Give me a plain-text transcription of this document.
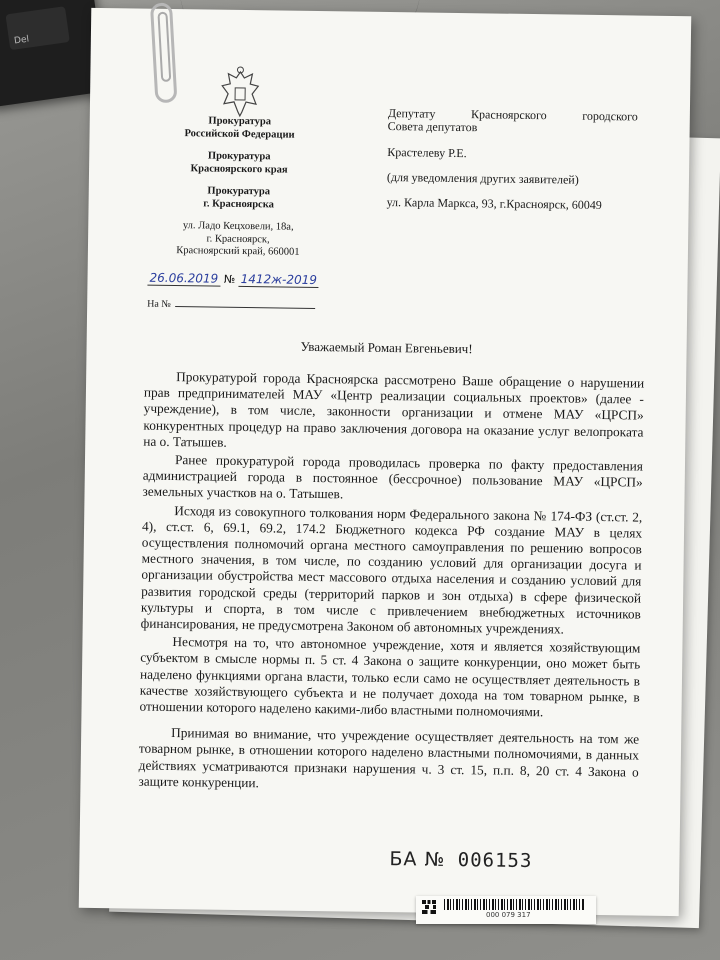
Del
Прокуратура
Российской Федерации
Прокуратура
Красноярского края
Прокуратура
г. Красноярска
ул. Ладо Кецховели, 18а,
г. Красноярск,
Красноярский край, 660001
26.06.2019 № 1412ж-2019
На №

Депутату Красноярского городского

Совета депутатов

Крастелеву Р.Е.

(для уведомления других заявителей)

ул. Карла Маркса, 93, г.Красноярск, 60049

Уважаемый Роман Евгеньевич!

Прокуратурой города Красноярска рассмотрено Ваше обращение о нарушении прав предпринимателей МАУ «Центр реализации социальных проектов» (далее - учреждение), в том числе, законности организации и отмене МАУ «ЦРСП» конкурентных процедур на право заключения договора на оказание услуг велопроката на о. Татышев.

Ранее прокуратурой города проводилась проверка по факту предоставления администрацией города в постоянное (бессрочное) пользование МАУ «ЦРСП» земельных участков на о. Татышев.

Исходя из совокупного толкования норм Федерального закона № 174-ФЗ (ст.ст. 2, 4), ст.ст. 6, 69.1, 69.2, 174.2 Бюджетного кодекса РФ создание МАУ в целях осуществления полномочий органа местного самоуправления по решению вопросов местного значения, в том числе, по созданию условий для организации досуга и организации обустройства мест массового отдыха населения и созданию условий для развития городской среды (территорий парков и зон отдыха) в сфере физической культуры и спорта, в том числе с привлечением внебюджетных источников финансирования, не предусмотрена Законом об автономных учреждениях.

Несмотря на то, что автономное учреждение, хотя и является хозяйствующим субъектом в смысле нормы п. 5 ст. 4 Закона о защите конкуренции, оно может быть наделено функциями органа власти, только если само не осуществляет деятельность в качестве хозяйствующего субъекта и не получает дохода на том товарном рынке, в отношении которого наделено какими-либо властными полномочиями.

Принимая во внимание, что учреждение осуществляет деятельность на том же товарном рынке, в отношении которого наделено властными полномочиями, в данных действиях усматриваются признаки нарушения ч. 3 ст. 15, п.п. 8, 20 ст. 4 Закона о защите конкуренции.

БА № 006153
000 079 317
